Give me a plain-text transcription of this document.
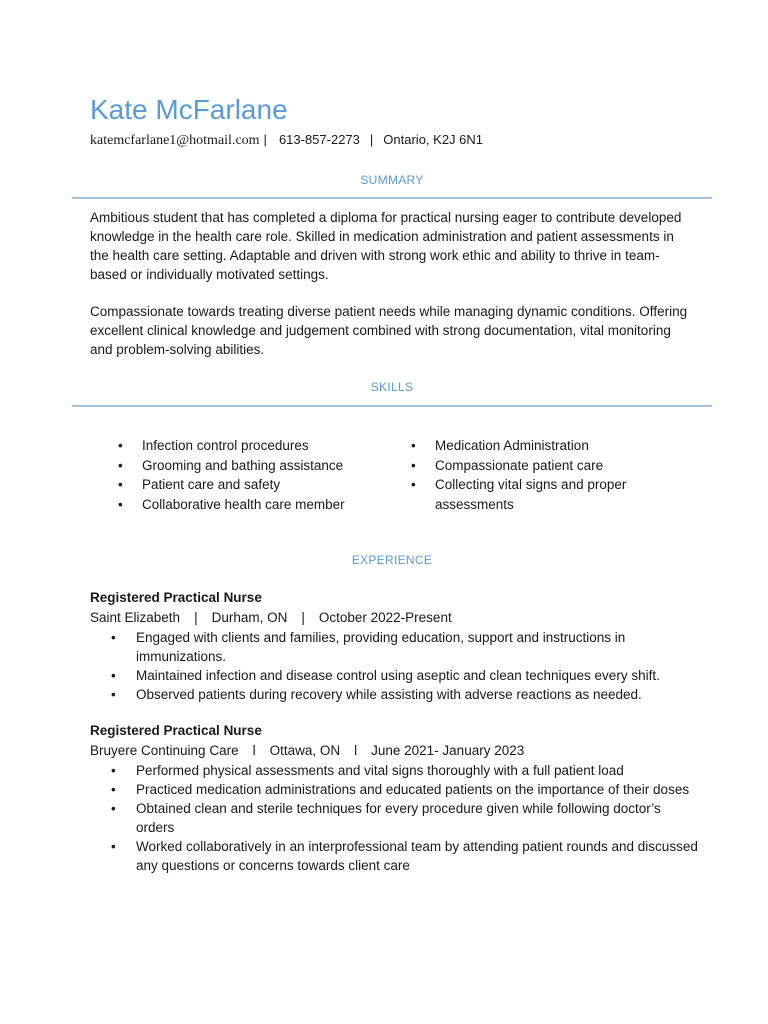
Kate McFarlane
katemcfarlane1@hotmail.com | 613-857-2273 | Ontario, K2J 6N1
SUMMARY

Ambitious student that has completed a diploma for practical nursing eager to contribute developed knowledge in the health care role. Skilled in medication administration and patient assessments in the health care setting. Adaptable and driven with strong work ethic and ability to thrive in team-based or individually motivated settings.

Compassionate towards treating diverse patient needs while managing dynamic conditions. Offering excellent clinical knowledge and judgement combined with strong documentation, vital monitoring and problem-solving abilities.

SKILLS
• Infection control procedures
• Grooming and bathing assistance
• Patient care and safety
• Collaborative health care member
• Medication Administration
• Compassionate patient care
• Collecting vital signs and proper assessments
EXPERIENCE
Registered Practical Nurse
Saint Elizabeth | Durham, ON | October 2022-Present
• Engaged with clients and families, providing education, support and instructions in immunizations.
• Maintained infection and disease control using aseptic and clean techniques every shift.
• Observed patients during recovery while assisting with adverse reactions as needed.
Registered Practical Nurse
Bruyere Continuing Care l Ottawa, ON l June 2021- January 2023
• Performed physical assessments and vital signs thoroughly with a full patient load
• Practiced medication administrations and educated patients on the importance of their doses
• Obtained clean and sterile techniques for every procedure given while following doctor’s orders
• Worked collaboratively in an interprofessional team by attending patient rounds and discussed any questions or concerns towards client care
